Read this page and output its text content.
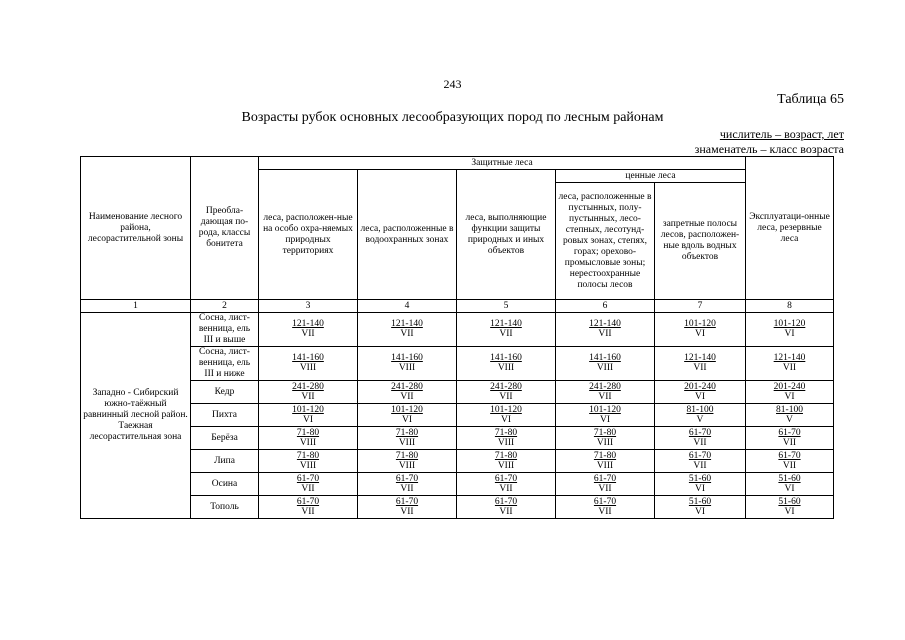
243
Таблица 65
Возрасты рубок основных лесообразующих пород по лесным районам
числитель – возраст, лет
знаменатель – класс возраста
Наименование лесного района, лесорастительной зоны	Преобла-дающая по-рода, классы бонитета	Защитные леса					Эксплуатаци-онные леса, резервные леса
		леса, расположен-ные на особо охра-няемых природных территориях	леса, расположенные в водоохранных зонах	леса, выполняющие функции защиты природных и иных объектов	ценные леса		
					леса, расположенные в пустынных, полу-пустынных, лесо-степных, лесотунд-ровых зонах, степях, горах; орехово-промысловые зоны; нерестоохранные полосы лесов	запретные полосы лесов, расположен-ные вдоль водных объектов	
1	2	3	4	5	6	7	8
Западно - Сибирский южно-таёжный равнинный лесной район. Таежная лесорастительная зона	Сосна, лист-венница, ель III и выше	$\frac{121-140}{\text{VII}}$	$\frac{121-140}{\text{VII}}$	$\frac{121-140}{\text{VII}}$	$\frac{121-140}{\text{VII}}$	$\frac{101-120}{VI}$	$\frac{101-120}{VI}$

	Сосна, лист-венница, ель III и ниже	$\frac{141-160}{\text{VIII}}$	$\frac{141-160}{\text{VIII}}$	$\frac{141-160}{\text{VIII}}$	$\frac{141-160}{\text{VIII}}$	$\frac{121-140}{\text{VII}}$	$\frac{121-140}{\text{VII}}$

	Кедр	$\frac{241-280}{\text{VII}}$	$\frac{241-280}{\text{VII}}$	$\frac{241-280}{\text{VII}}$	$\frac{241-280}{\text{VII}}$	$\frac{201-240}{VI}$	$\frac{201-240}{VI}$

	Пихта	$\frac{101-120}{VI}$	$\frac{101-120}{VI}$	$\frac{101-120}{VI}$	$\frac{101-120}{VI}$	$\frac{81-100}{V}$	$\frac{81-100}{V}$

	Берёза	$\frac{71-80}{\text{VIII}}$	$\frac{71-80}{\text{VIII}}$	$\frac{71-80}{\text{VIII}}$	$\frac{71-80}{\text{VIII}}$	$\frac{61-70}{\text{VII}}$	$\frac{61-70}{\text{VII}}$

	Липа	$\frac{71-80}{\text{VIII}}$	$\frac{71-80}{\text{VIII}}$	$\frac{71-80}{\text{VIII}}$	$\frac{71-80}{\text{VIII}}$	$\frac{61-70}{\text{VII}}$	$\frac{61-70}{\text{VII}}$

	Осина	$\frac{61-70}{\text{VII}}$	$\frac{61-70}{\text{VII}}$	$\frac{61-70}{\text{VII}}$	$\frac{61-70}{\text{VII}}$	$\frac{51-60}{VI}$	$\frac{51-60}{VI}$

	Тополь	$\frac{61-70}{\text{VII}}$	$\frac{61-70}{\text{VII}}$	$\frac{61-70}{\text{VII}}$	$\frac{61-70}{\text{VII}}$	$\frac{51-60}{VI}$	$\frac{51-60}{VI}$
